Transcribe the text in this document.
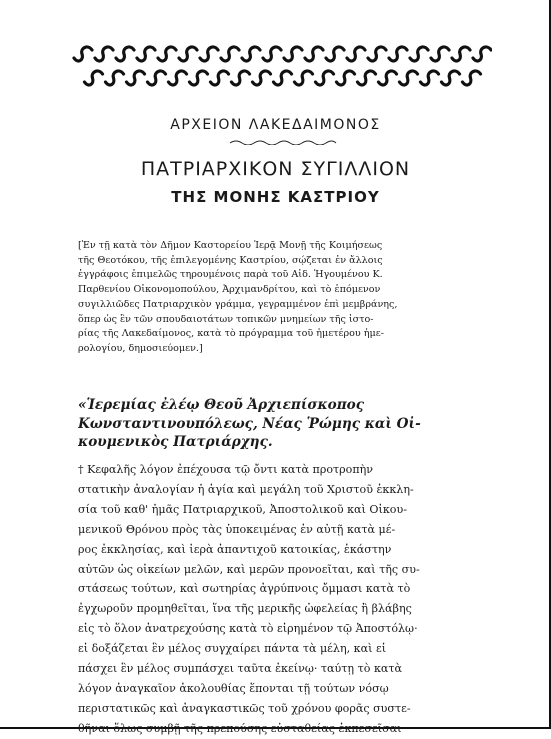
ΑΡΧΕΙΟΝ ΛΑΚΕΔΑΙΜΟΝΟΣ
ΠΑΤΡΙΑΡΧΙΚΟΝ ΣΥΓΙΛΛΙΟΝ
ΤΗΣ ΜΟΝΗΣ ΚΑΣΤΡΙΟΥ
[Ἐν τῇ κατὰ τὸν Δῆμον Καστορείου Ἱερᾷ Μονῇ τῆς Κοιμήσεως
τῆς Θεοτόκου, τῆς ἐπιλεγομένης Καστρίου, σῴζεται ἐν ἄλλοις
ἐγγράφοις ἐπιμελῶς τηρουμένοις παρὰ τοῦ Αἰδ. Ἡγουμένου Κ.
Παρθενίου Οἰκονομοπούλου, Ἀρχιμανδρίτου, καὶ τὸ ἑπόμενον
συγιλλιῶδες Πατριαρχικὸν γράμμα, γεγραμμένον ἐπὶ μεμβράνης,
ὅπερ ὡς ἓν τῶν σπουδαιοτάτων τοπικῶν μνημείων τῆς ἱστο-
ρίας τῆς Λακεδαίμονος, κατὰ τὸ πρόγραμμα τοῦ ἡμετέρου ἡμε-
ρολογίου, δημοσιεύομεν.]
«Ἱερεμίας ἐλέῳ Θεοῦ Ἀρχιεπίσκοπος
Κωνσταντινουπόλεως, Νέας Ῥώμης καὶ Οἰ-
κουμενικὸς Πατριάρχης.
† Κεφαλῆς λόγον ἐπέχουσα τῷ ὄντι κατὰ προτροπὴν
στατικὴν ἀναλογίαν ἡ ἁγία καὶ μεγάλη τοῦ Χριστοῦ ἐκκλη-
σία τοῦ καθ' ἡμᾶς Πατριαρχικοῦ, Ἀποστολικοῦ καὶ Οἰκου-
μενικοῦ Θρόνου πρὸς τὰς ὑποκειμένας ἐν αὐτῇ κατὰ μέ-
ρος ἐκκλησίας, καὶ ἱερὰ ἀπαντιχοῦ κατοικίας, ἑκάστην
αὐτῶν ὡς οἰκείων μελῶν, καὶ μερῶν προνοεῖται, καὶ τῆς συ-
στάσεως τούτων, καὶ σωτηρίας ἀγρύπνοις ὄμμασι κατὰ τὸ
ἐγχωροῦν προμηθεῖται, ἵνα τῆς μερικῆς ὠφελείας ἢ βλάβης
εἰς τὸ ὅλον ἀνατρεχούσης κατὰ τὸ εἰρημένον τῷ Ἀποστόλῳ·
εἰ δοξάζεται ἓν μέλος συγχαίρει πάντα τὰ μέλη, καὶ εἰ
πάσχει ἓν μέλος συμπάσχει ταῦτα ἐκείνῳ· ταύτῃ τὸ κατὰ
λόγον ἀναγκαῖον ἀκολουθίας ἕπονται τῇ τούτων νόσῳ
περιστατικῶς καὶ ἀναγκαστικῶς τοῦ χρόνου φορᾶς συστε-
θῆναι ὅλως συμβῇ τῆς πρεπούσης εὐσταθείας ἐκπεσεῖσαι
